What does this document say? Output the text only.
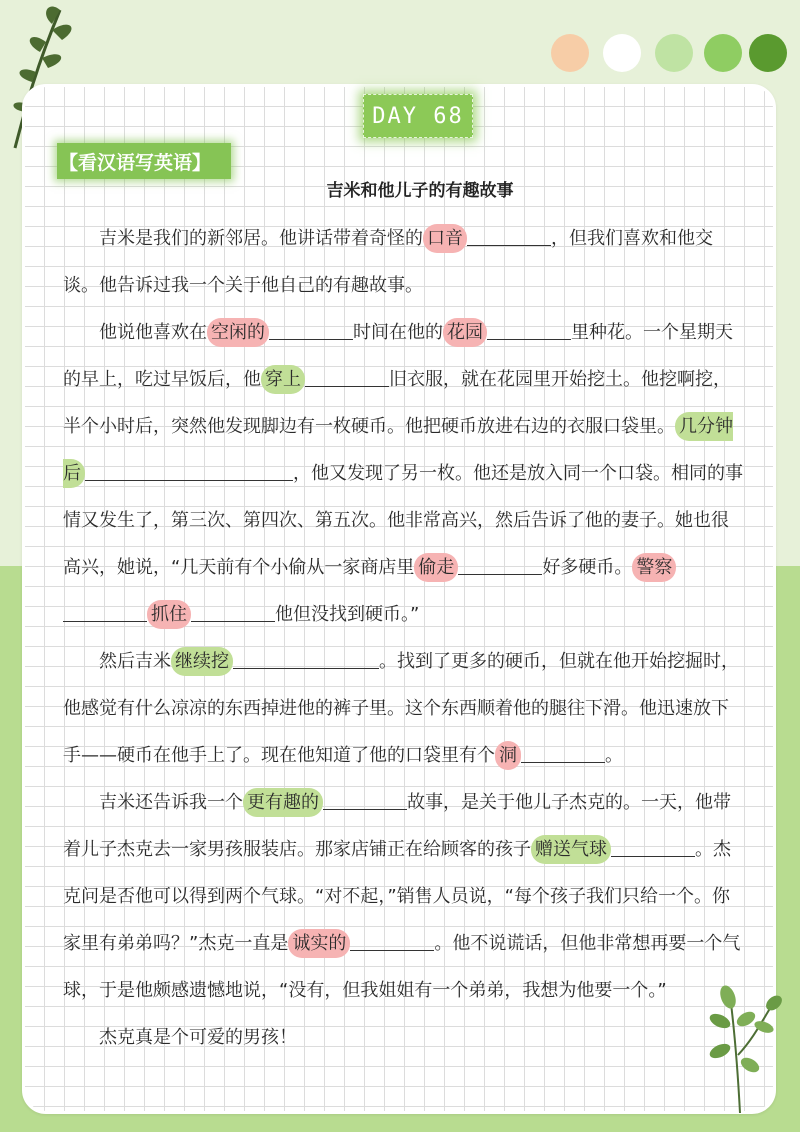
DAY 68
【看汉语写英语】
吉米和他儿子的有趣故事

吉米是我们的新邻居。他讲话带着奇怪的 口音	，但我们喜欢和他交谈。他告诉过我一个关于他自己的有趣故事。

他说他喜欢在 空闲的	时间在他的 花园	里种花。一个星期天的早上，吃过早饭后，他 穿上	旧衣服，就在花园里开始挖土。他挖啊挖，半个小时后，突然他发现脚边有一枚硬币。他把硬币放进右边的衣服口袋里。 几分钟后	，他又发现了另一枚。他还是放入同一个口袋。相同的事情又发生了，第三次、第四次、第五次。他非常高兴，然后告诉了他的妻子。她也很高兴，她说，“几天前有个小偷从一家商店里 偷走	好多硬币。 警察抓住	他但没找到硬币。”

然后吉米 继续挖	。找到了更多的硬币，但就在他开始挖掘时，他感觉有什么凉凉的东西掉进他的裤子里。这个东西顺着他的腿往下滑。他迅速放下手——硬币在他手上了。现在他知道了他的口袋里有个 洞	。

吉米还告诉我一个 更有趣的	故事，是关于他儿子杰克的。一天，他带着儿子杰克去一家男孩服装店。那家店铺正在给顾客的孩子 赠送气球	。杰克问是否他可以得到两个气球。“对不起，”销售人员说，“每个孩子我们只给一个。你家里有弟弟吗？”杰克一直是 诚实的	。他不说谎话，但他非常想再要一个气球，于是他颇感遗憾地说，“没有，但我姐姐有一个弟弟，我想为他要一个。”

杰克真是个可爱的男孩！
